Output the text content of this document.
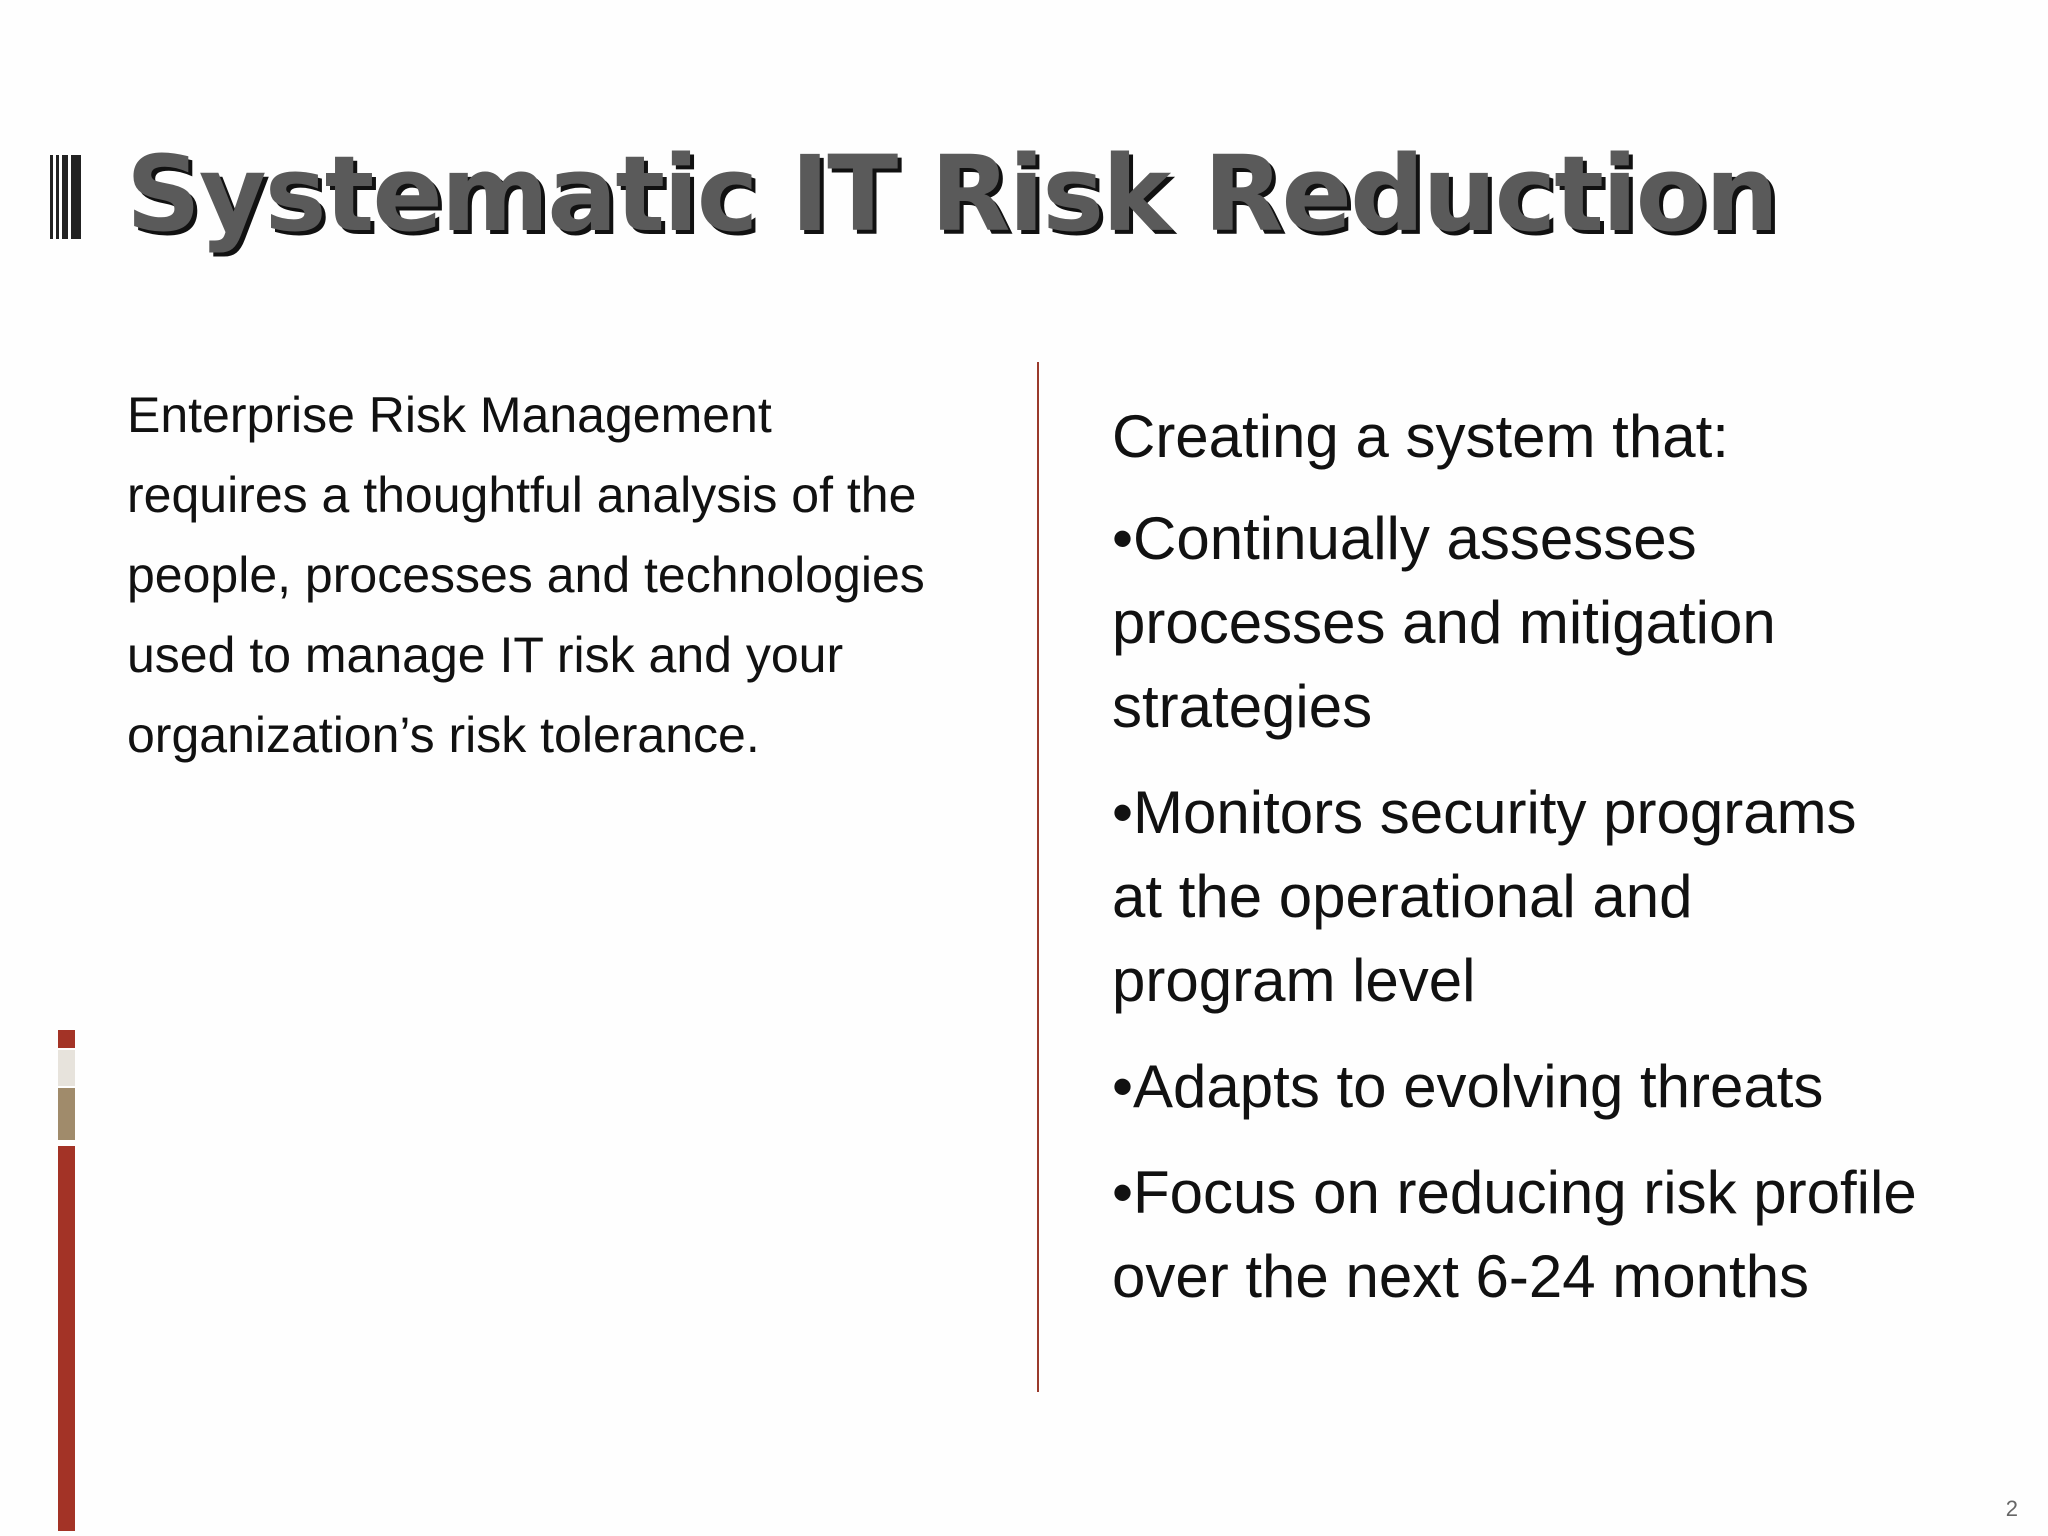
Systematic IT Risk Reduction
Enterprise Risk Management
requires a thoughtful analysis of the
people, processes and technologies
used to manage IT risk and your
organization’s risk tolerance.

Creating a system that:

•Continually assesses
processes and mitigation
strategies
•Monitors security programs
at the operational and
program level
•Adapts to evolving threats
•Focus on reducing risk profile
over the next 6-24 months
2
